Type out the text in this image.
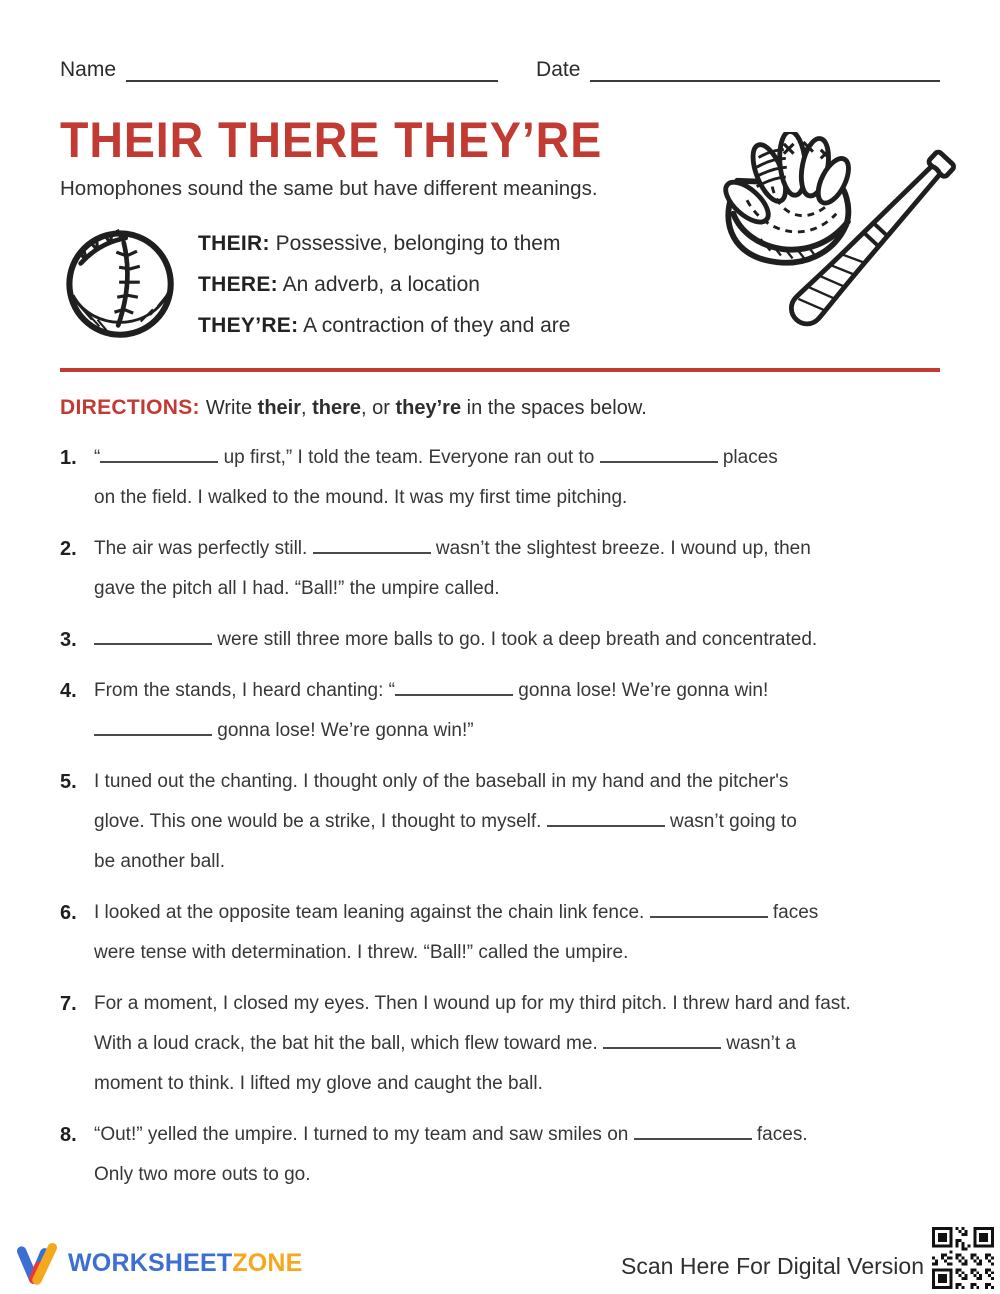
Name	Date
THEIR THERE THEY’RE
Homophones sound the same but have different meanings.
THEIR: Possessive, belonging to them
THERE: An adverb, a location
THEY’RE: A contraction of they and are

DIRECTIONS: Write their, there, or they’re in the spaces below.

1. “	up first,” I told the team. Everyone ran out to	places
on the field. I walked to the mound. It was my first time pitching.

2. The air was perfectly still.	wasn’t the slightest breeze. I wound up, then
gave the pitch all I had. “Ball!” the umpire called.

3.	were still three more balls to go. I took a deep breath and concentrated.

4. From the stands, I heard chanting: “	gonna lose! We’re gonna win!
gonna lose! We’re gonna win!”

5. I tuned out the chanting. I thought only of the baseball in my hand and the pitcher's
glove. This one would be a strike, I thought to myself.	wasn’t going to
be another ball.

6. I looked at the opposite team leaning against the chain link fence.	faces
were tense with determination. I threw. “Ball!” called the umpire.

7. For a moment, I closed my eyes. Then I wound up for my third pitch. I threw hard and fast.
With a loud crack, the bat hit the ball, which flew toward me.	wasn’t a
moment to think. I lifted my glove and caught the ball.

8. “Out!” yelled the umpire. I turned to my team and saw smiles on	faces.
Only two more outs to go.

WORKSHEETZONE	Scan Here For Digital Version
